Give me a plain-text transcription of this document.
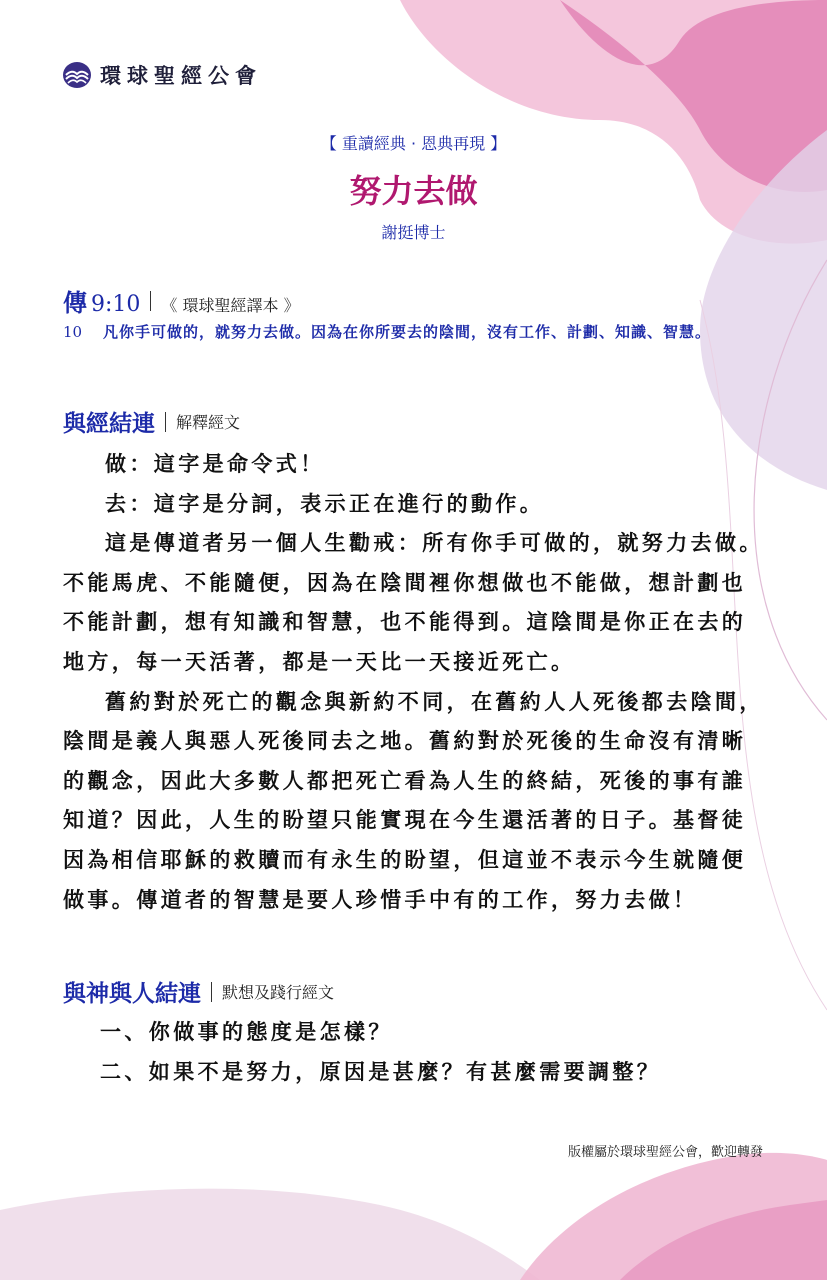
環球聖經公會
【 重讀經典 · 恩典再現 】
努力去做
謝挺博士
傳 9:10 《 環球聖經譯本 》
10	凡你手可做的，就努力去做。因為在你所要去的陰間，沒有工作、計劃、知識、智慧。
與經結連 解釋經文

做：這字是命令式！

去：這字是分詞，表示正在進行的動作。

這是傳道者另一個人生勸戒：所有你手可做的，就努力去做。不能馬虎、不能隨便，因為在陰間裡你想做也不能做，想計劃也不能計劃，想有知識和智慧，也不能得到。這陰間是你正在去的地方，每一天活著，都是一天比一天接近死亡。

舊約對於死亡的觀念與新約不同，在舊約人人死後都去陰間，陰間是義人與惡人死後同去之地。舊約對於死後的生命沒有清晰的觀念，因此大多數人都把死亡看為人生的終結，死後的事有誰知道？因此，人生的盼望只能實現在今生還活著的日子。基督徒因為相信耶穌的救贖而有永生的盼望，但這並不表示今生就隨便做事。傳道者的智慧是要人珍惜手中有的工作，努力去做！

與神與人結連 默想及踐行經文
一、你做事的態度是怎樣？
二、如果不是努力，原因是甚麼？有甚麼需要調整？
版權屬於環球聖經公會，歡迎轉發
